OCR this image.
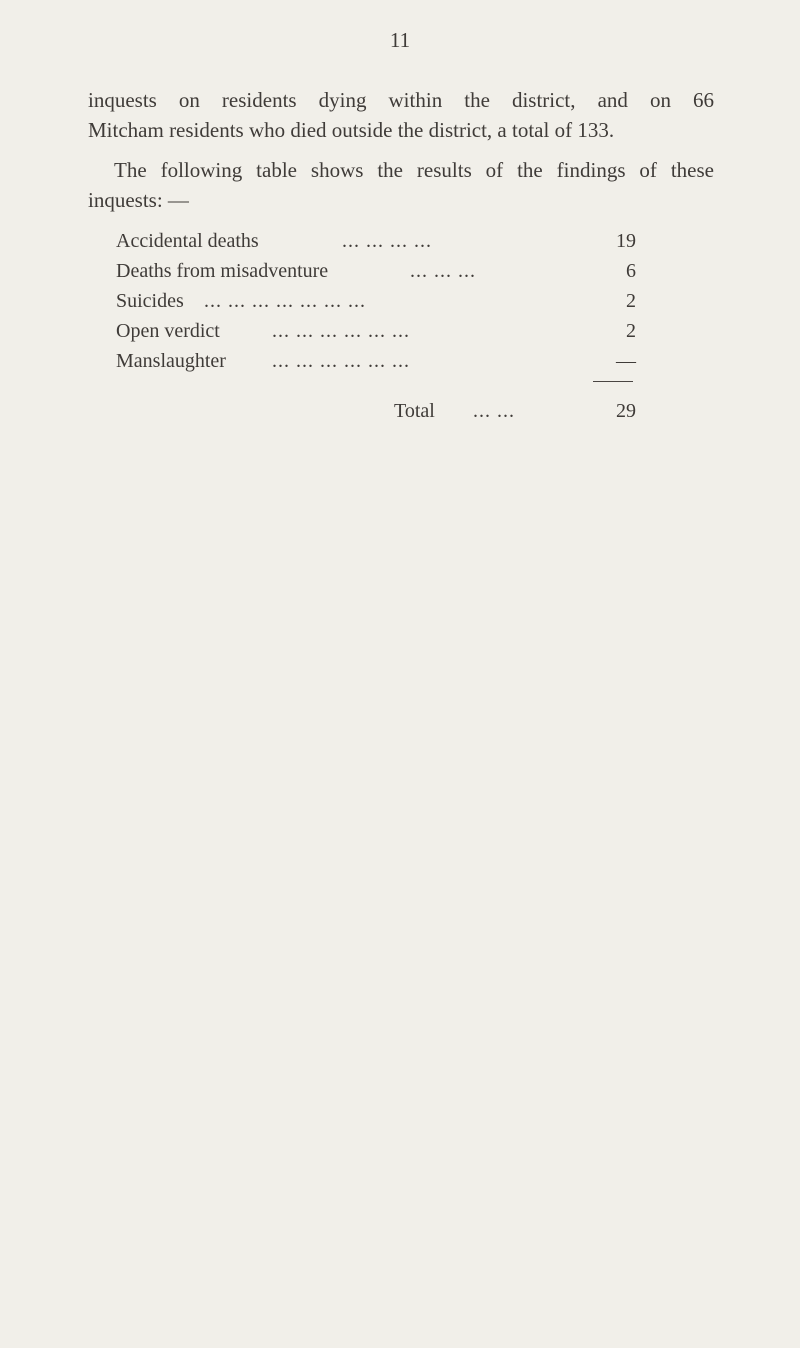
11
inquests on residents dying within the district, and on 66
Mitcham residents who died outside the district, a total of 133.
The following table shows the results of the findings of these
inquests: —
Accidental deaths	... ... ... ...	19
Deaths from misadventure	... ... ...	6
Suicides ... ... ... ... ... ... ...	2
Open verdict	... ... ... ... ... ...	2
Manslaughter ... ... ... ... ... ...	—
Total ... ...	29
